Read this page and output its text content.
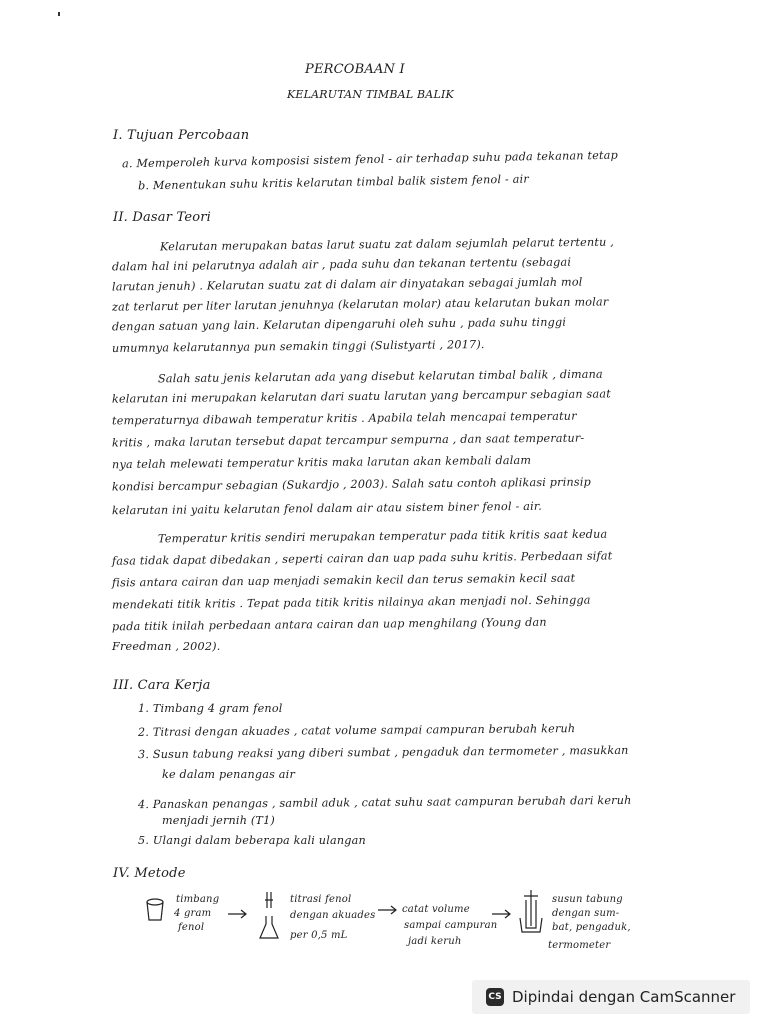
PERCOBAAN I
KELARUTAN TIMBAL BALIK
I. Tujuan Percobaan
a. Memperoleh kurva komposisi sistem fenol - air terhadap suhu pada tekanan tetap
b. Menentukan suhu kritis kelarutan timbal balik sistem fenol - air
II. Dasar Teori
Kelarutan merupakan batas larut suatu zat dalam sejumlah pelarut tertentu ,
dalam hal ini pelarutnya adalah air , pada suhu dan tekanan tertentu (sebagai
larutan jenuh) . Kelarutan suatu zat di dalam air dinyatakan sebagai jumlah mol
zat terlarut per liter larutan jenuhnya (kelarutan molar) atau kelarutan bukan molar
dengan satuan yang lain. Kelarutan dipengaruhi oleh suhu , pada suhu tinggi
umumnya kelarutannya pun semakin tinggi (Sulistyarti , 2017).
Salah satu jenis kelarutan ada yang disebut kelarutan timbal balik , dimana
kelarutan ini merupakan kelarutan dari suatu larutan yang bercampur sebagian saat
temperaturnya dibawah temperatur kritis . Apabila telah mencapai temperatur
kritis , maka larutan tersebut dapat tercampur sempurna , dan saat temperatur-
nya telah melewati temperatur kritis maka larutan akan kembali dalam
kondisi bercampur sebagian (Sukardjo , 2003). Salah satu contoh aplikasi prinsip
kelarutan ini yaitu kelarutan fenol dalam air atau sistem biner fenol - air.
Temperatur kritis sendiri merupakan temperatur pada titik kritis saat kedua
fasa tidak dapat dibedakan , seperti cairan dan uap pada suhu kritis. Perbedaan sifat
fisis antara cairan dan uap menjadi semakin kecil dan terus semakin kecil saat
mendekati titik kritis . Tepat pada titik kritis nilainya akan menjadi nol. Sehingga
pada titik inilah perbedaan antara cairan dan uap menghilang (Young dan
Freedman , 2002).
III. Cara Kerja
1. Timbang 4 gram fenol
2. Titrasi dengan akuades , catat volume sampai campuran berubah keruh
3. Susun tabung reaksi yang diberi sumbat , pengaduk dan termometer , masukkan
ke dalam penangas air
4. Panaskan penangas , sambil aduk , catat suhu saat campuran berubah dari keruh
menjadi jernih (T1)
5. Ulangi dalam beberapa kali ulangan
IV. Metode
timbang
4 gram
fenol
titrasi fenol
dengan akuades
per 0,5 mL
catat volume
sampai campuran
jadi keruh
susun tabung
dengan sum-
bat, pengaduk,
termometer
CS Dipindai dengan CamScanner
